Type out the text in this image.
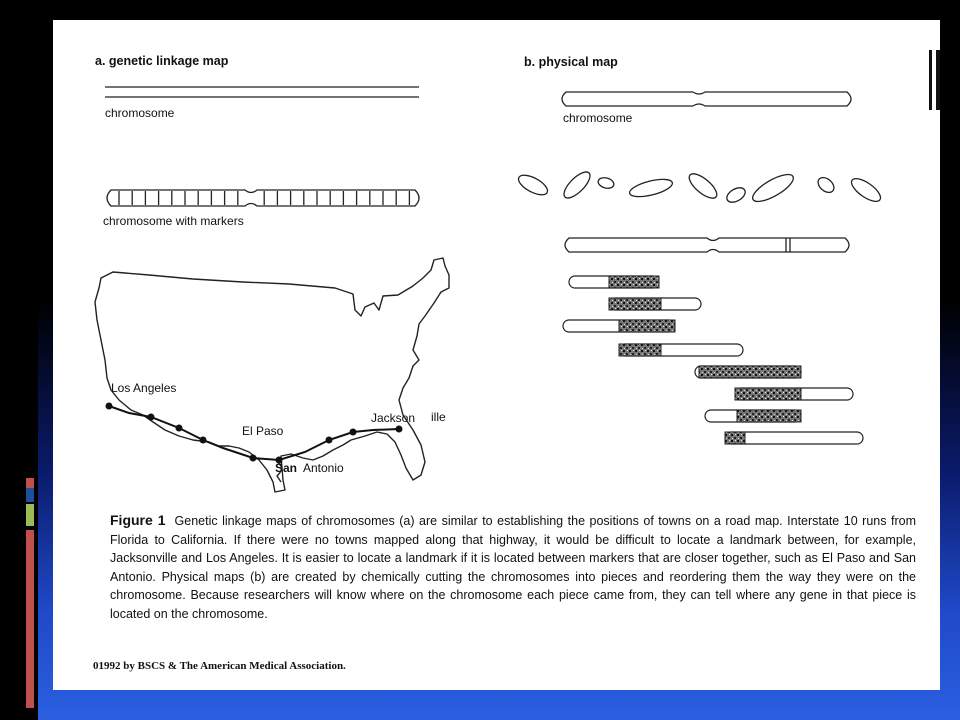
a. genetic linkage map
chromosome
chromosome with markers
b. physical map
chromosome
Los Angeles
El Paso
San Antonio
Jackson ille
Figure 1 Genetic linkage maps of chromosomes (a) are similar to establishing the positions of towns on a road map. Interstate 10 runs from Florida to California. If there were no towns mapped along that highway, it would be difficult to locate a landmark between, for example, Jacksonville and Los Angeles. It is easier to locate a landmark if it is located between markers that are closer together, such as El Paso and San Antonio. Physical maps (b) are created by chemically cutting the chromosomes into pieces and reordering them the way they were on the chromosome. Because researchers will know where on the chromosome each piece came from, they can tell where any gene in that piece is located on the chromosome.
01992 by BSCS & The American Medical Association.
